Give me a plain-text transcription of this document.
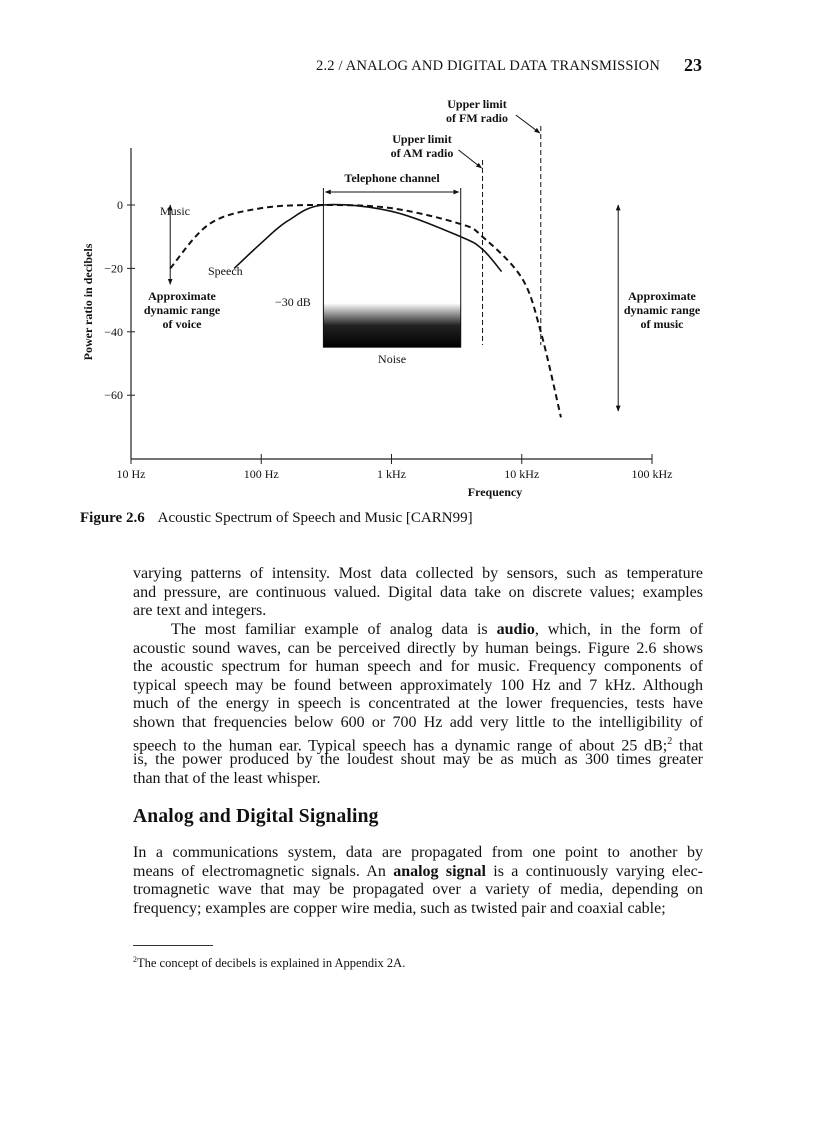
2.2 / ANALOG AND DIGITAL DATA TRANSMISSION 23
10 Hz	100 Hz	1 kHz	10 kHz	100 kHz
0
−20
−40
−60
Frequency
Power ratio in decibels
Telephone channel
Noise
−30 dB
Upper limit
of AM radio
Upper limit
of FM radio
Approximate
dynamic range
of voice
Approximate
dynamic range
of music
Speech
Music
Figure 2.6 Acoustic Spectrum of Speech and Music [CARN99]
varying patterns of intensity. Most data collected by sensors, such as temperature
and pressure, are continuous valued. Digital data take on discrete values; examples
are text and integers.
The most familiar example of analog data is audio, which, in the form of
acoustic sound waves, can be perceived directly by human beings. Figure 2.6 shows
the acoustic spectrum for human speech and for music. Frequency components of
typical speech may be found between approximately 100 Hz and 7 kHz. Although
much of the energy in speech is concentrated at the lower frequencies, tests have
shown that frequencies below 600 or 700 Hz add very little to the intelligibility of
speech to the human ear. Typical speech has a dynamic range of about 25 dB;$^2$ that
is, the power produced by the loudest shout may be as much as 300 times greater
than that of the least whisper.
Analog and Digital Signaling
In a communications system, data are propagated from one point to another by
means of electromagnetic signals. An analog signal is a continuously varying elec-
tromagnetic wave that may be propagated over a variety of media, depending on
frequency; examples are copper wire media, such as twisted pair and coaxial cable;
$^2$The concept of decibels is explained in Appendix 2A.
